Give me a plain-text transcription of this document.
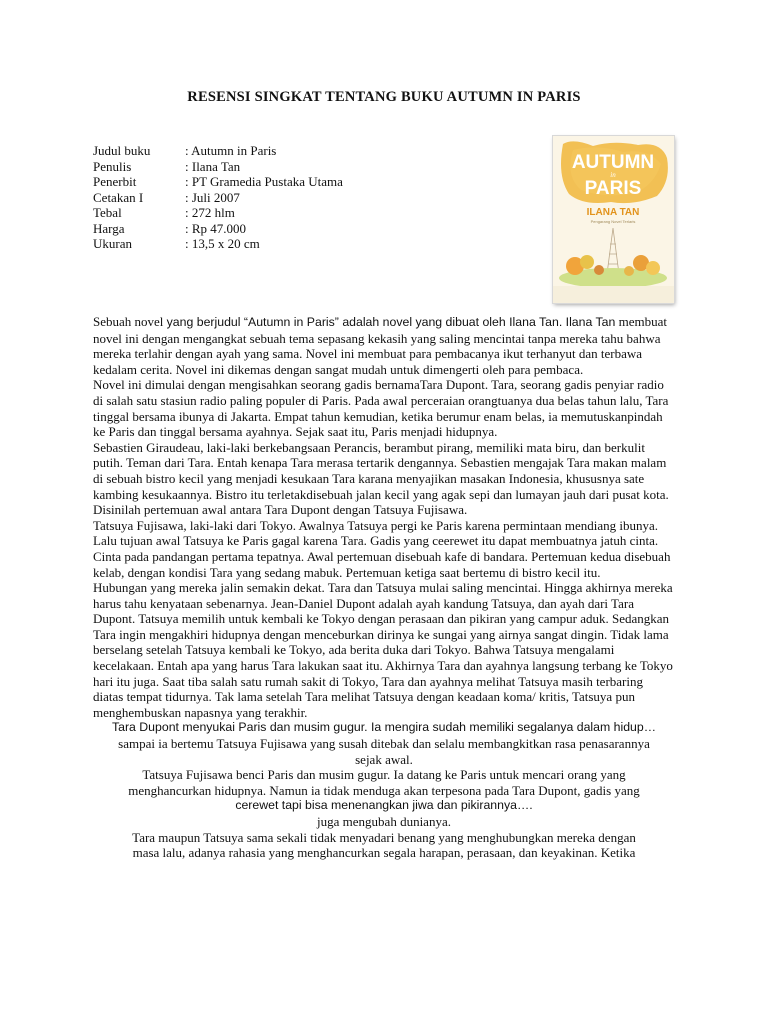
RESENSI SINGKAT TENTANG BUKU AUTUMN IN PARIS
Judul buku	: Autumn in Paris
Penulis	: Ilana Tan
Penerbit	: PT Gramedia Pustaka Utama
Cetakan I	: Juli 2007
Tebal	: 272 hlm
Harga	: Rp 47.000
Ukuran	: 13,5 x 20 cm
AUTUMN
in
PARIS
ILANA TAN
Pengarang Novel Terlaris

Sebuah novel yang berjudul “Autumn in Paris” adalah novel yang dibuat oleh Ilana Tan. Ilana Tan membuat novel ini dengan mengangkat sebuah tema sepasang kekasih yang saling mencintai tanpa mereka tahu bahwa mereka terlahir dengan ayah yang sama. Novel ini membuat para pembacanya ikut terhanyut dan terbawa kedalam cerita. Novel ini dikemas dengan sangat mudah untuk dimengerti oleh para pembaca.

Novel ini dimulai dengan mengisahkan seorang gadis bernamaTara Dupont. Tara, seorang gadis penyiar radio di salah satu stasiun radio paling populer di Paris. Pada awal perceraian orangtuanya dua belas tahun lalu, Tara tinggal bersama ibunya di Jakarta. Empat tahun kemudian, ketika berumur enam belas, ia memutuskanpindah ke Paris dan tinggal bersama ayahnya. Sejak saat itu, Paris menjadi hidupnya.

Sebastien Giraudeau, laki-laki berkebangsaan Perancis, berambut pirang, memiliki mata biru, dan berkulit putih. Teman dari Tara. Entah kenapa Tara merasa tertarik dengannya. Sebastien mengajak Tara makan malam di sebuah bistro kecil yang menjadi kesukaan Tara karana menyajikan masakan Indonesia, khususnya sate kambing kesukaannya. Bistro itu terletakdisebuah jalan kecil yang agak sepi dan lumayan jauh dari pusat kota. Disinilah pertemuan awal antara Tara Dupont dengan Tatsuya Fujisawa.

Tatsuya Fujisawa, laki-laki dari Tokyo. Awalnya Tatsuya pergi ke Paris karena permintaan mendiang ibunya. Lalu tujuan awal Tatsuya ke Paris gagal karena Tara. Gadis yang ceerewet itu dapat membuatnya jatuh cinta. Cinta pada pandangan pertama tepatnya. Awal pertemuan disebuah kafe di bandara. Pertemuan kedua disebuah kelab, dengan kondisi Tara yang sedang mabuk. Pertemuan ketiga saat bertemu di bistro kecil itu.

Hubungan yang mereka jalin semakin dekat. Tara dan Tatsuya mulai saling mencintai. Hingga akhirnya mereka harus tahu kenyataan sebenarnya. Jean-Daniel Dupont adalah ayah kandung Tatsuya, dan ayah dari Tara Dupont. Tatsuya memilih untuk kembali ke Tokyo dengan perasaan dan pikiran yang campur aduk. Sedangkan Tara ingin mengakhiri hidupnya dengan menceburkan dirinya ke sungai yang airnya sangat dingin. Tidak lama berselang setelah Tatsuya kembali ke Tokyo, ada berita duka dari Tokyo. Bahwa Tatsuya mengalami kecelakaan. Entah apa yang harus Tara lakukan saat itu. Akhirnya Tara dan ayahnya langsung terbang ke Tokyo hari itu juga. Saat tiba salah satu rumah sakit di Tokyo, Tara dan ayahnya melihat Tatsuya masih terbaring diatas tempat tidurnya. Tak lama setelah Tara melihat Tatsuya dengan keadaan koma/ kritis, Tatsuya pun menghembuskan napasnya yang terakhir.

Tara Dupont menyukai Paris dan musim gugur. Ia mengira sudah memiliki segalanya dalam hidup…

sampai ia bertemu Tatsuya Fujisawa yang susah ditebak dan selalu membangkitkan rasa penasarannya

sejak awal.

Tatsuya Fujisawa benci Paris dan musim gugur. Ia datang ke Paris untuk mencari orang yang

menghancurkan hidupnya. Namun ia tidak menduga akan terpesona pada Tara Dupont, gadis yang

cerewet tapi bisa menenangkan jiwa dan pikirannya….

juga mengubah dunianya.

Tara maupun Tatsuya sama sekali tidak menyadari benang yang menghubungkan mereka dengan

masa lalu, adanya rahasia yang menghancurkan segala harapan, perasaan, dan keyakinan. Ketika
